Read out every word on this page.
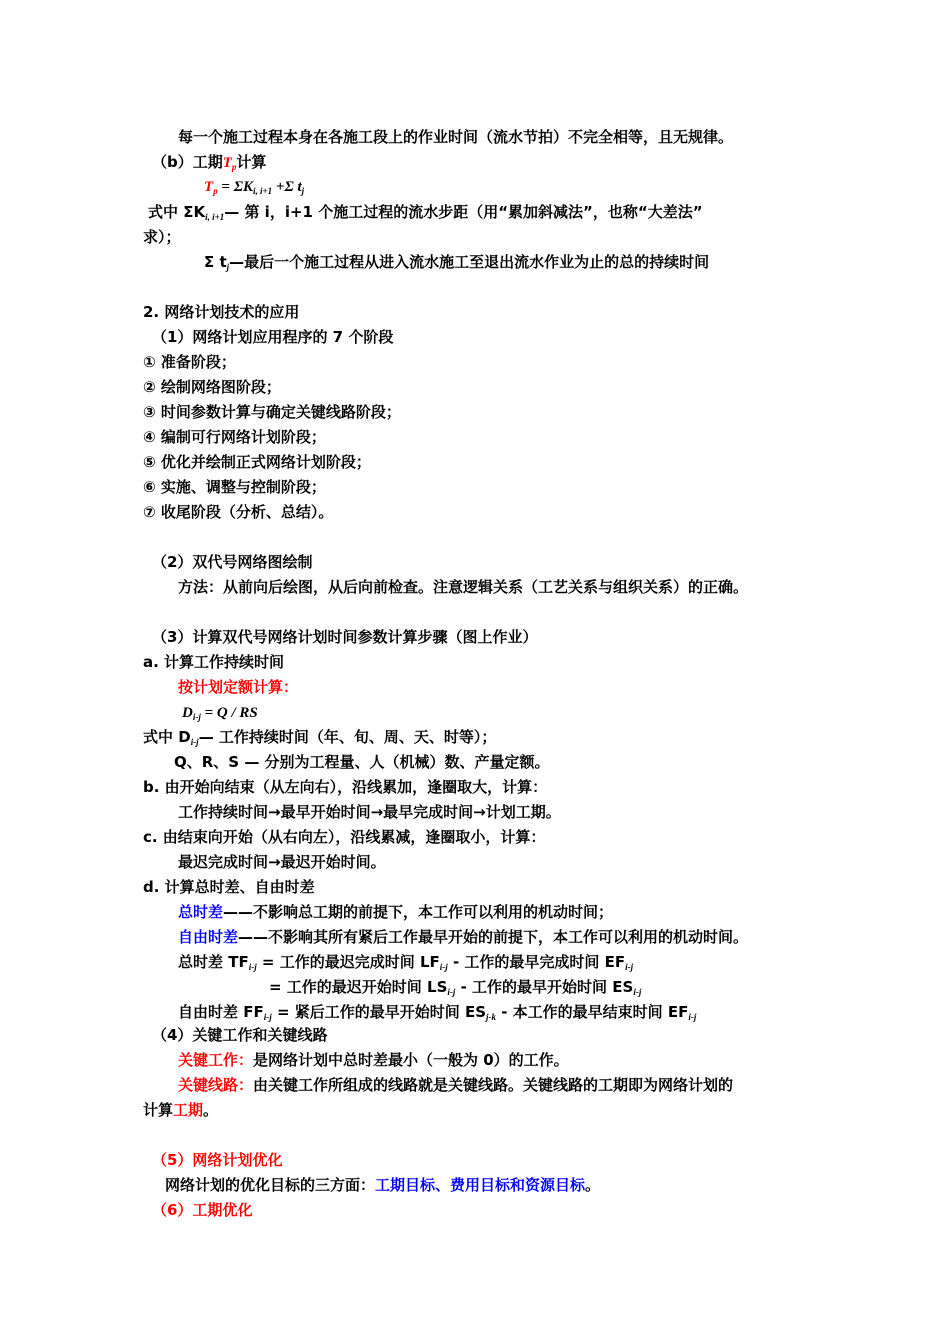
每一个施工过程本身在各施工段上的作业时间（流水节拍）不完全相等，且无规律。
（b）工期$T_p$计算
$T_p = \Sigma K_{i, i+1} +\Sigma$ $t_j$
式中 $\Sigma K_{i, i+1}—$ 第 i，i+1 个施工过程的流水步距（用“累加斜减法”，也称“大差法”
求）；
Σ $t_j—$最后一个施工过程从进入流水施工至退出流水作业为止的总的持续时间
2. 网络计划技术的应用
（1）网络计划应用程序的 7 个阶段
① 准备阶段；
② 绘制网络图阶段；
③ 时间参数计算与确定关键线路阶段；
④ 编制可行网络计划阶段；
⑤ 优化并绘制正式网络计划阶段；
⑥ 实施、调整与控制阶段；
⑦ 收尾阶段（分析、总结）。
（2）双代号网络图绘制
方法：从前向后绘图，从后向前检查。注意逻辑关系（工艺关系与组织关系）的正确。
（3）计算双代号网络计划时间参数计算步骤（图上作业）
a. 计算工作持续时间
按计划定额计算：
$D_{i-j} = Q$ / RS
式中 $D_{i-j}—$ 工作持续时间（年、旬、周、天、时等）；
Q、R、S — 分别为工程量、人（机械）数、产量定额。
b. 由开始向结束（从左向右），沿线累加，逢圈取大，计算：
工作持续时间→最早开始时间→最早完成时间→计划工期。
c. 由结束向开始（从右向左），沿线累减，逢圈取小，计算：
最迟完成时间→最迟开始时间。
d. 计算总时差、自由时差
总时差——不影响总工期的前提下，本工作可以利用的机动时间；
自由时差——不影响其所有紧后工作最早开始的前提下，本工作可以利用的机动时间。
总时差 $TF_{i-j}$ = 工作的最迟完成时间 $LF_{i-j}$ - 工作的最早完成时间 $EF_{i-j}$
= 工作的最迟开始时间 $LS_{i-j}$ - 工作的最早开始时间 $ES_{i-j}$
自由时差 $FF_{i-j}$ = 紧后工作的最早开始时间 $ES_{j-k}$ - 本工作的最早结束时间 $EF_{i-j}$
（4）关键工作和关键线路
关键工作：是网络计划中总时差最小（一般为 0）的工作。
关键线路：由关键工作所组成的线路就是关键线路。关键线路的工期即为网络计划的
计算工期。
（5）网络计划优化
网络计划的优化目标的三方面：工期目标、费用目标和资源目标。
（6）工期优化
